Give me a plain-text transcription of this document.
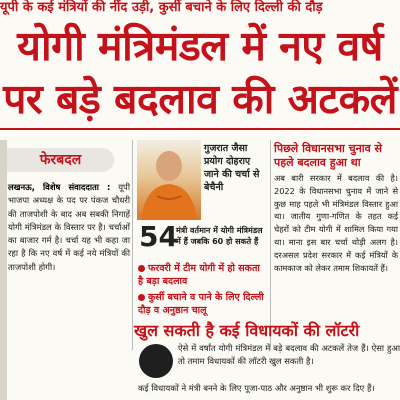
यूपी के कई मंत्रियों की नींद उड़ी, कुर्सी बचाने के लिए दिल्ली की दौड़
योगी मंत्रिमंडल में नए वर्ष
पर बड़े बदलाव की अटकलें
फेरबदल
लखनऊ, विशेष संवाददाता : यूपी भाजपा अध्यक्ष के पद पर पंकज चौधरी की ताजपोशी के बाद अब सबकी निगाहें योगी मंत्रिमंडल के विस्तार पर है। चर्चाओं का बाजार गर्म है। चर्चा यह भी कहा जा रहा है कि नए वर्ष में कई नये मंत्रियों की ताजपोशी होगी।
गुजरात जैसा प्रयोग दोहराए जाने की चर्चा से बेचैनी
54
मंत्री वर्तमान में योगी मंत्रिमंडल में हैं जबकि 60 हो सकते हैं
फरवरी में टीम योगी में हो सकता है बड़ा बदलाव
कुर्सी बचाने व पाने के लिए दिल्ली दौड़ व अनुष्ठान चालू
पिछले विधानसभा चुनाव से पहले बदलाव हुआ था
अब बारी सरकार में बदलाव की है। 2022 के विधानसभा चुनाव में जाने से कुछ माह पहले भी मंत्रिमंडल विस्तार हुआ था। जातीय गुणा-गणित के तहत कई चेहरों को टीम योगी में शामिल किया गया था। माना इस बार चर्चा थोड़ी अलग है। दरअसल प्रदेश सरकार में कई मंत्रियों के कामकाज को लेकर तमाम शिकायतें हैं।
खुल सकती है कई विधायकों की लॉटरी
ऐसे में वर्षांत योगी मंत्रिमंडल में बड़े बदलाव की अटकलें तेज हैं। ऐसा हुआ तो तमाम विधायकों की लॉटरी खुल सकती है।
कई विधायकों ने मंत्री बनने के लिए पूजा-पाठ और अनुष्ठान भी शुरू कर दिए हैं।
